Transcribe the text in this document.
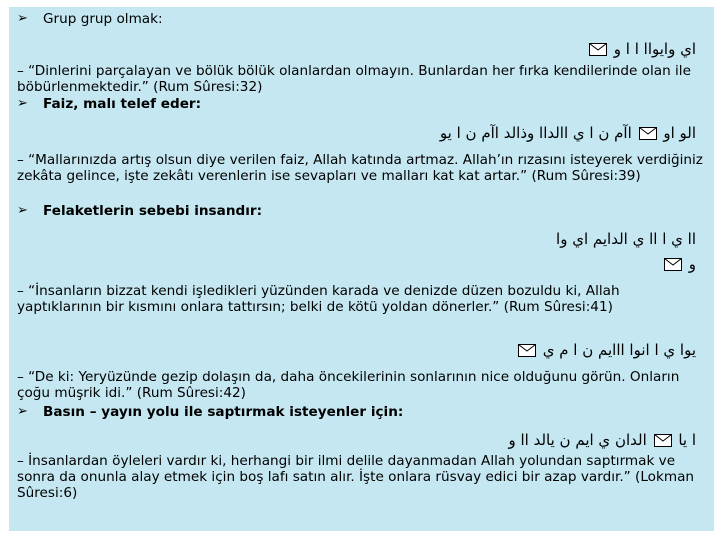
➢	Grup grup olmak:
اي وايواا ا ا و
– “Dinlerini parçalayan ve bölük bölük olanlardan olmayın. Bunlardan her fırka kendilerinde olan ile böbürlenmektedir.” (Rum Sûresi:32)
➢	Faiz, malı telef eder:
الو او  اآم ن ا ي االداا وذالد اآم ن ا يو
– “Mallarınızda artış olsun diye verilen faiz, Allah katında artmaz. Allah’ın rızasını isteyerek verdiğiniz zekâta gelince, işte zekâtı verenlerin ise sevapları ve malları kat kat artar.” (Rum Sûresi:39)
➢	Felaketlerin sebebi insandır:
اا ي ا اا ي الدايم اي وا
و
– “İnsanların bizzat kendi işledikleri yüzünden karada ve denizde düzen bozuldu ki, Allah yaptıklarının bir kısmını onlara tattırsın; belki de kötü yoldan dönerler.” (Rum Sûresi:41)
يوا ي ا انوا ااايم ن ا م ي
– “De ki: Yeryüzünde gezip dolaşın da, daha öncekilerinin sonlarının nice olduğunu görün. Onların çoğu müşrik idi.” (Rum Sûresi:42)
➢	Basın – yayın yolu ile saptırmak isteyenler için:
ا يا  الدان ي ايم ن يالد اا و
– İnsanlardan öyleleri vardır ki, herhangi bir ilmi delile dayanmadan Allah yolundan saptırmak ve sonra da onunla alay etmek için boş lafı satın alır. İşte onlara rüsvay edici bir azap vardır.” (Lokman Sûresi:6)
